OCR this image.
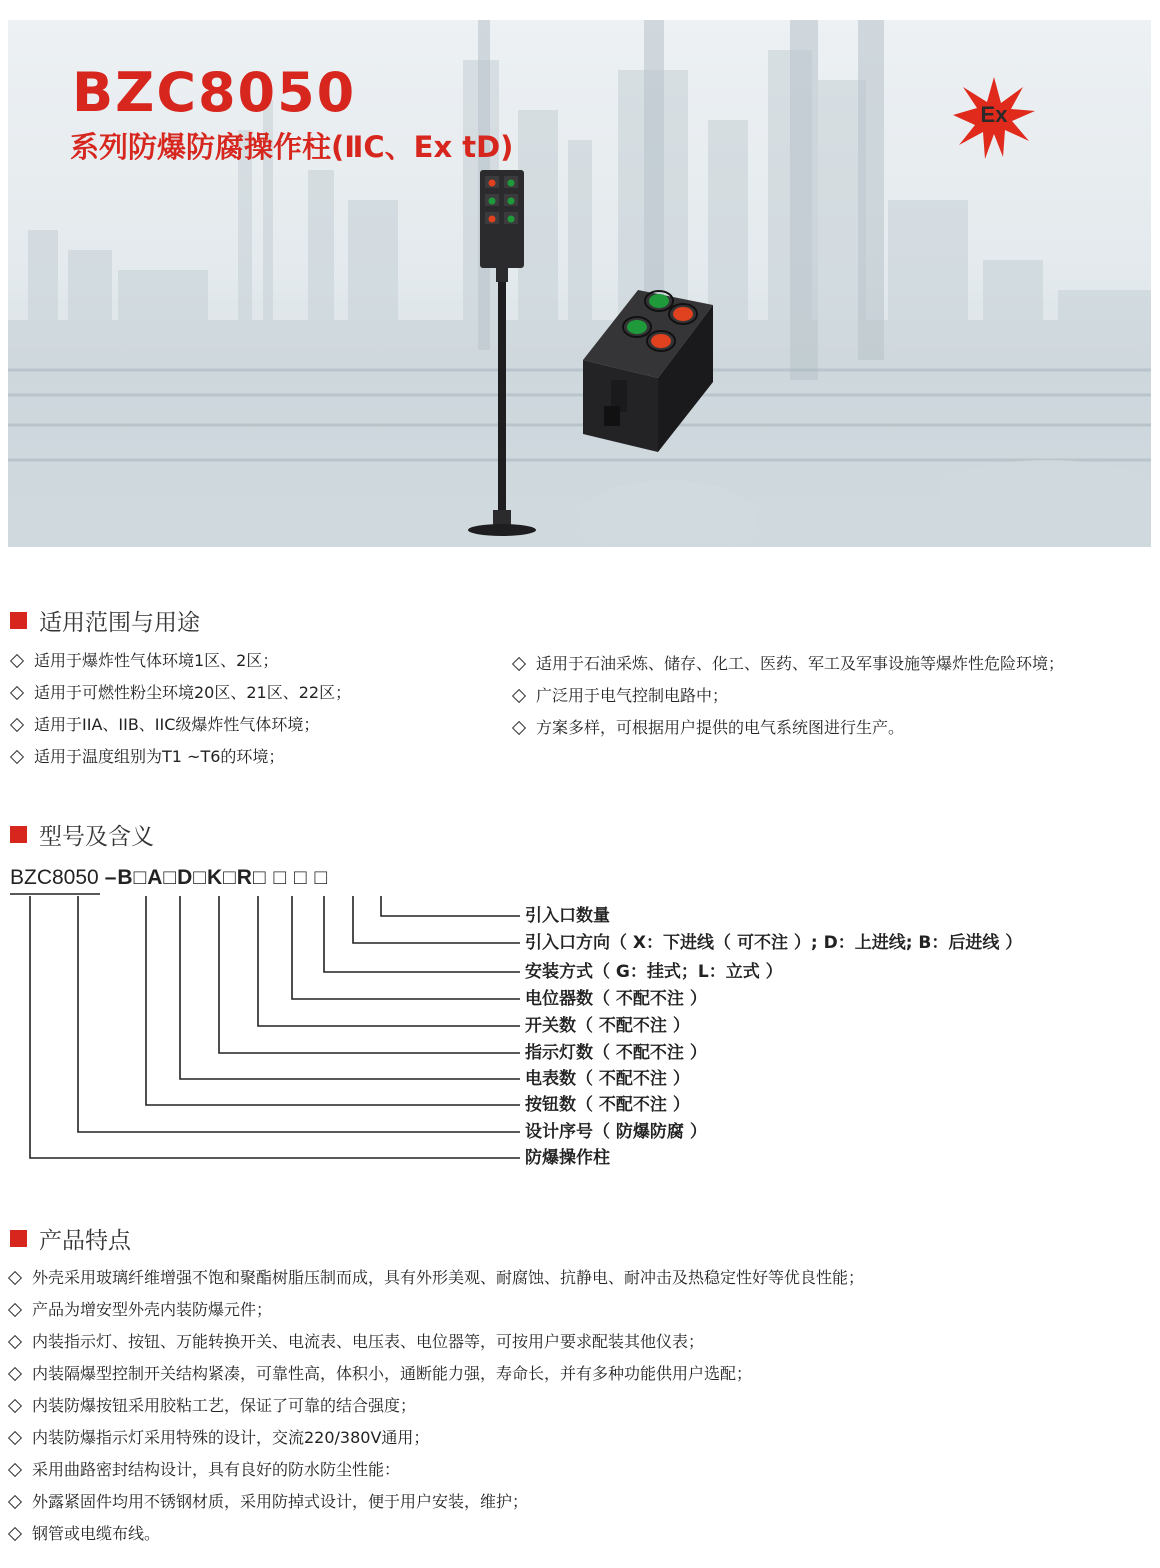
BZC8050
系列防爆防腐操作柱(ⅡC、Ex tD)
Ex
适用范围与用途
适用于爆炸性气体环境1区、2区；
适用于可燃性粉尘环境20区、21区、22区；
适用于IIA、IIB、IIC级爆炸性气体环境；
适用于温度组别为T1 ~T6的环境；
适用于石油采炼、储存、化工、医药、军工及军事设施等爆炸性危险环境；
广泛用于电气控制电路中；
方案多样，可根据用户提供的电气系统图进行生产。
型号及含义
BZC8050 –B□A□D□K□R□ □ □ □
引入口数量
引入口方向（ X：下进线（ 可不注 ）; D：上进线; B：后进线 ）
安装方式（ G：挂式；L：立式 ）
电位器数（ 不配不注 ）
开关数（ 不配不注 ）
指示灯数（ 不配不注 ）
电表数（ 不配不注 ）
按钮数（ 不配不注 ）
设计序号（ 防爆防腐 ）
防爆操作柱
产品特点
外壳采用玻璃纤维增强不饱和聚酯树脂压制而成，具有外形美观、耐腐蚀、抗静电、耐冲击及热稳定性好等优良性能；
产品为增安型外壳内装防爆元件；
内装指示灯、按钮、万能转换开关、电流表、电压表、电位器等，可按用户要求配装其他仪表；
内装隔爆型控制开关结构紧凑，可靠性高，体积小，通断能力强，寿命长，并有多种功能供用户选配；
内装防爆按钮采用胶粘工艺，保证了可靠的结合强度；
内装防爆指示灯采用特殊的设计，交流220/380V通用；
采用曲路密封结构设计，具有良好的防水防尘性能：
外露紧固件均用不锈钢材质，采用防掉式设计，便于用户安装，维护；
钢管或电缆布线。
